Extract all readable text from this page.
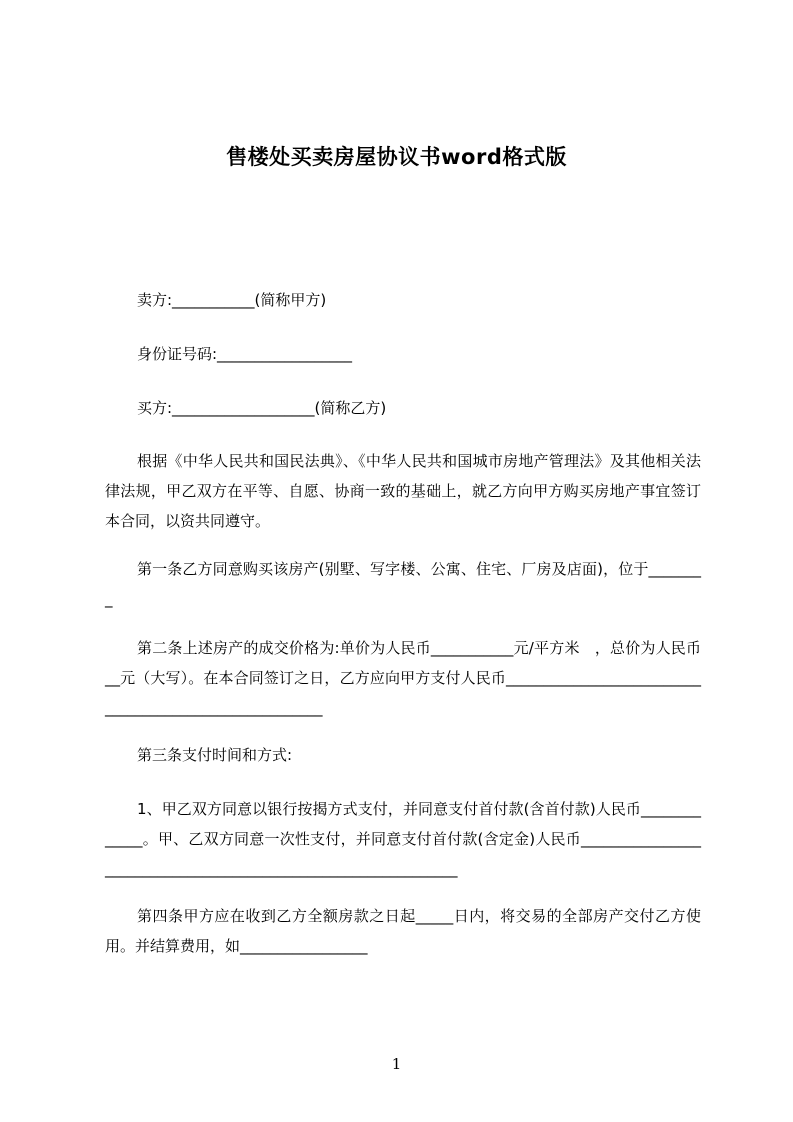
售楼处买卖房屋协议书word格式版

卖方:___________(简称甲方)

身份证号码:__________________

买方:___________________(简称乙方)

根据《中华人民共和国民法典》、《中华人民共和国城市房地产管理法》及其他相关法律法规，甲乙双方在平等、自愿、协商一致的基础上，就乙方向甲方购买房地产事宜签订本合同，以资共同遵守。

第一条乙方同意购买该房产(别墅、写字楼、公寓、住宅、厂房及店面)，位于________

第二条上述房产的成交价格为:单价为人民币___________元/平方米　，总价为人民币__元（大写）。在本合同签订之日，乙方应向甲方支付人民币_______________________________________________________

第三条支付时间和方式:

1、甲乙双方同意以银行按揭方式支付，并同意支付首付款(含首付款)人民币_____________。甲、乙双方同意一次性支付，并同意支付首付款(含定金)人民币_______________________________________________________________

第四条甲方应在收到乙方全额房款之日起_____日内，将交易的全部房产交付乙方使用。并结算费用，如_________________

1
